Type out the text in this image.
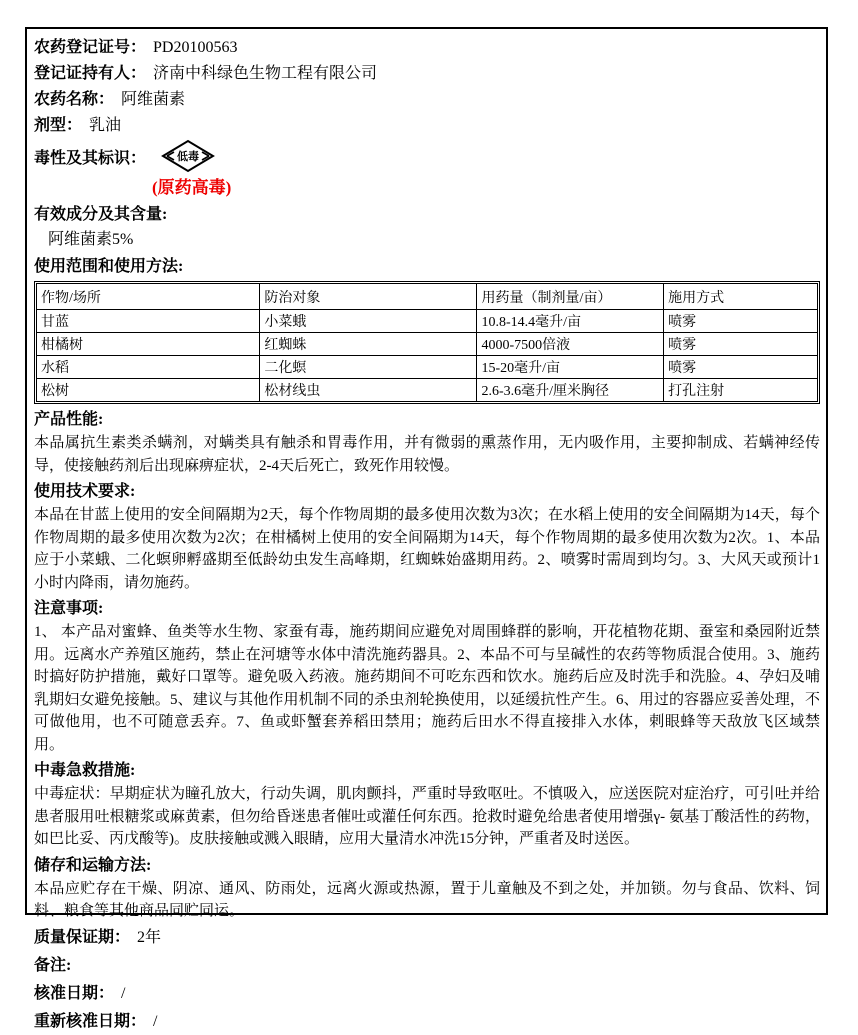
农药登记证号： PD20100563
登记证持有人： 济南中科绿色生物工程有限公司
农药名称： 阿维菌素
剂型： 乳油
毒性及其标识：	低毒
(原药高毒)
有效成分及其含量:
阿维菌素5%
使用范围和使用方法:
作物/场所	防治对象	用药量（制剂量/亩）	施用方式
甘蓝	小菜蛾	10.8-14.4毫升/亩	喷雾
柑橘树	红蜘蛛	4000-7500倍液	喷雾
水稻	二化螟	15-20毫升/亩	喷雾
松树	松材线虫	2.6-3.6毫升/厘米胸径	打孔注射
产品性能:
本品属抗生素类杀螨剂，对螨类具有触杀和胃毒作用，并有微弱的熏蒸作用，无内吸作用，主要抑制成、若螨神经传导，使接触药剂后出现麻痹症状，2-4天后死亡，致死作用较慢。
使用技术要求:
本品在甘蓝上使用的安全间隔期为2天，每个作物周期的最多使用次数为3次；在水稻上使用的安全间隔期为14天，每个作物周期的最多使用次数为2次；在柑橘树上使用的安全间隔期为14天，每个作物周期的最多使用次数为2次。1、本品应于小菜蛾、二化螟卵孵盛期至低龄幼虫发生高峰期，红蜘蛛始盛期用药。2、喷雾时需周到均匀。3、大风天或预计1小时内降雨，请勿施药。
注意事项:
1、 本产品对蜜蜂、鱼类等水生物、家蚕有毒，施药期间应避免对周围蜂群的影响，开花植物花期、蚕室和桑园附近禁用。远离水产养殖区施药，禁止在河塘等水体中清洗施药器具。2、本品不可与呈碱性的农药等物质混合使用。3、施药时搞好防护措施，戴好口罩等。避免吸入药液。施药期间不可吃东西和饮水。施药后应及时洗手和洗脸。4、孕妇及哺乳期妇女避免接触。5、建议与其他作用机制不同的杀虫剂轮换使用，以延缓抗性产生。6、用过的容器应妥善处理，不可做他用，也不可随意丢弃。7、鱼或虾蟹套养稻田禁用；施药后田水不得直接排入水体，剌眼蜂等天敌放飞区域禁用。
中毒急救措施:
中毒症状：早期症状为瞳孔放大，行动失调，肌肉颤抖，严重时导致呕吐。不慎吸入，应送医院对症治疗，可引吐并给患者服用吐根糖浆或麻黄素，但勿给昏迷患者催吐或灌任何东西。抢救时避免给患者使用增强γ- 氨基丁酸活性的药物，如巴比妥、丙戊酸等)。皮肤接触或溅入眼睛，应用大量清水冲洗15分钟，严重者及时送医。
储存和运输方法:
本品应贮存在干燥、阴凉、通风、防雨处，远离火源或热源，置于儿童触及不到之处，并加锁。勿与食品、饮料、饲料、粮食等其他商品同贮同运。
质量保证期： 2年
备注:
核准日期： /
重新核准日期： /
